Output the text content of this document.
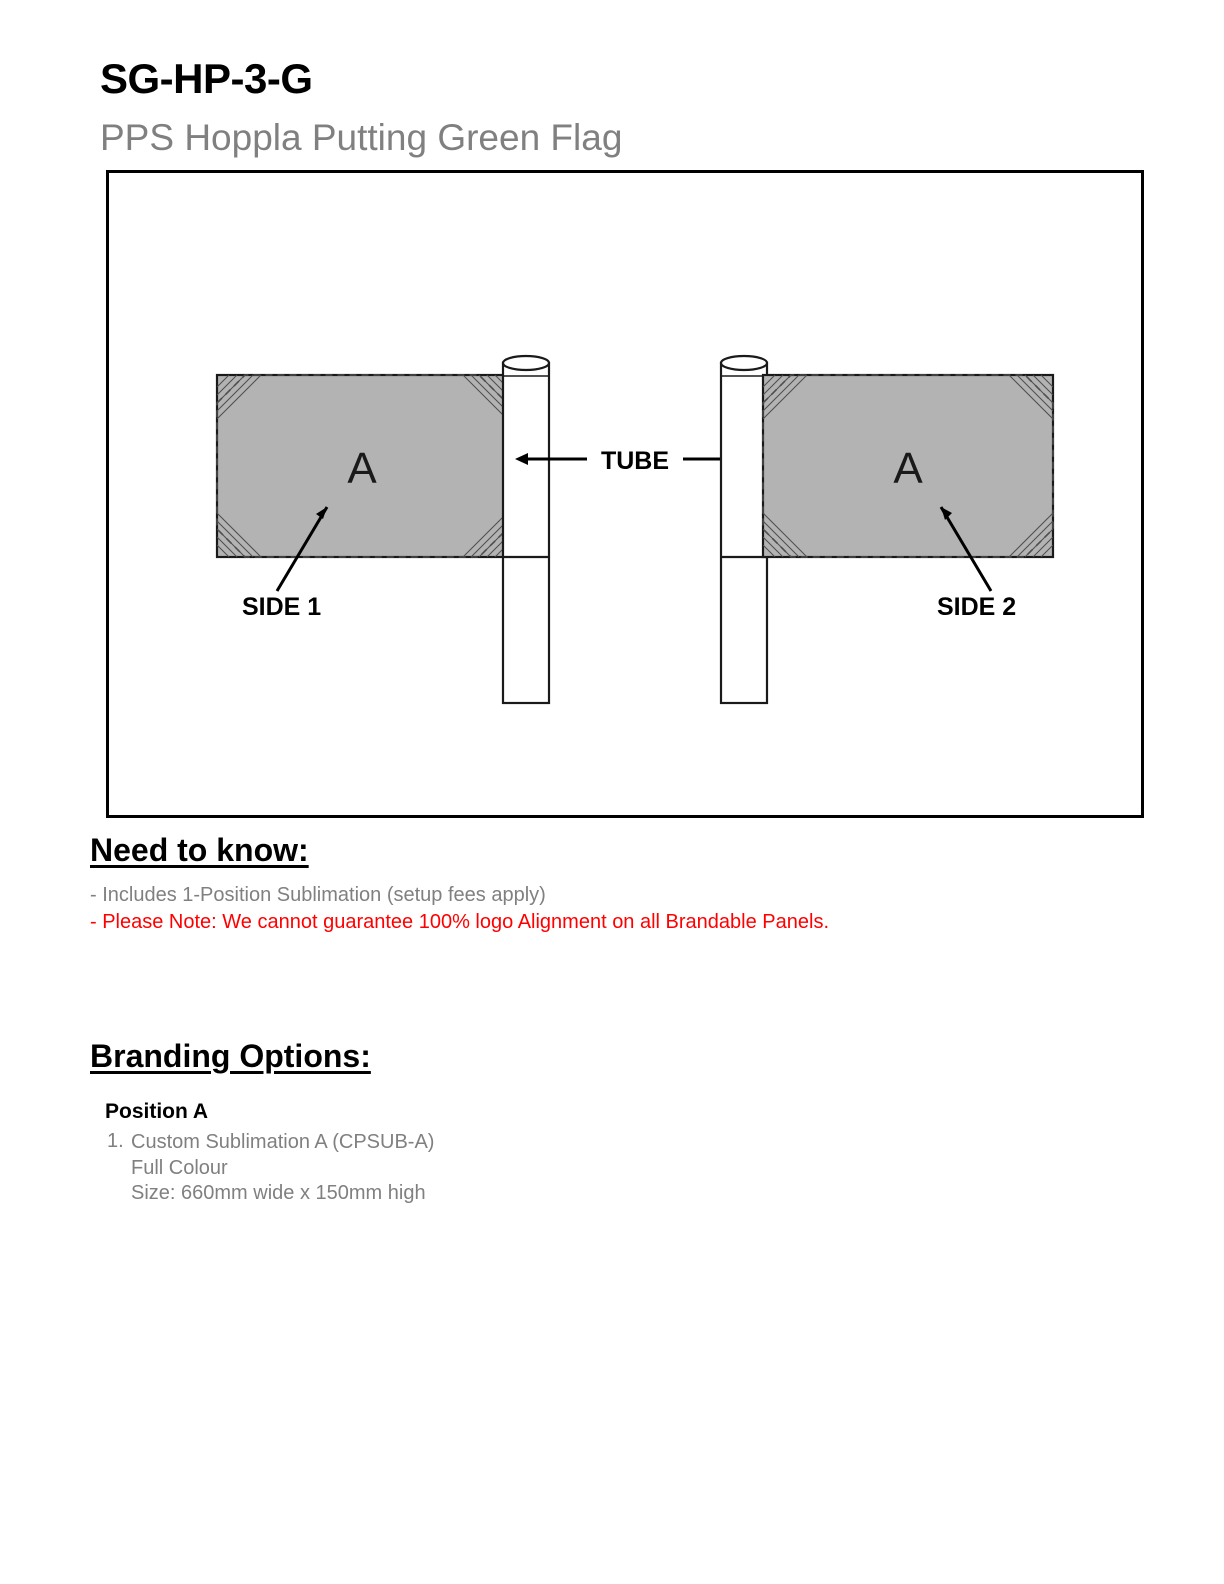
SG-HP-3-G
PPS Hoppla Putting Green Flag
A
SIDE 1
TUBE	A
SIDE 2
Need to know:
- Includes 1-Position Sublimation (setup fees apply)
- Please Note: We cannot guarantee 100% logo Alignment on all Brandable Panels.
Branding Options:
Position A
1. Custom Sublimation A (CPSUB-A)
Full Colour
Size: 660mm wide x 150mm high
